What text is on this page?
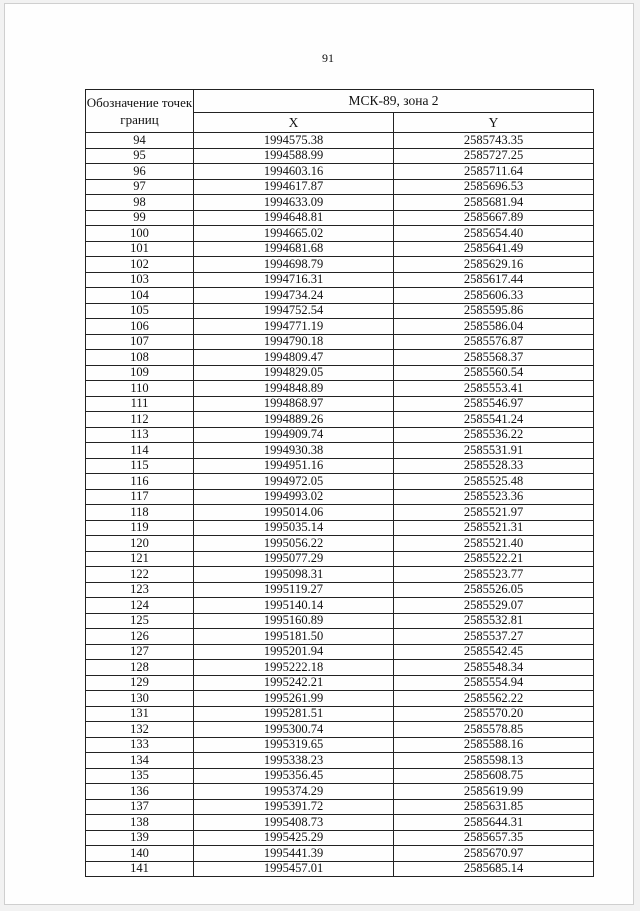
91
Обозначение точек границ	МСК-89, зона 2	
	X	Y
94	1994575.38	2585743.35
95	1994588.99	2585727.25
96	1994603.16	2585711.64
97	1994617.87	2585696.53
98	1994633.09	2585681.94
99	1994648.81	2585667.89
100	1994665.02	2585654.40
101	1994681.68	2585641.49
102	1994698.79	2585629.16
103	1994716.31	2585617.44
104	1994734.24	2585606.33
105	1994752.54	2585595.86
106	1994771.19	2585586.04
107	1994790.18	2585576.87
108	1994809.47	2585568.37
109	1994829.05	2585560.54
110	1994848.89	2585553.41
111	1994868.97	2585546.97
112	1994889.26	2585541.24
113	1994909.74	2585536.22
114	1994930.38	2585531.91
115	1994951.16	2585528.33
116	1994972.05	2585525.48
117	1994993.02	2585523.36
118	1995014.06	2585521.97
119	1995035.14	2585521.31
120	1995056.22	2585521.40
121	1995077.29	2585522.21
122	1995098.31	2585523.77
123	1995119.27	2585526.05
124	1995140.14	2585529.07
125	1995160.89	2585532.81
126	1995181.50	2585537.27
127	1995201.94	2585542.45
128	1995222.18	2585548.34
129	1995242.21	2585554.94
130	1995261.99	2585562.22
131	1995281.51	2585570.20
132	1995300.74	2585578.85
133	1995319.65	2585588.16
134	1995338.23	2585598.13
135	1995356.45	2585608.75
136	1995374.29	2585619.99
137	1995391.72	2585631.85
138	1995408.73	2585644.31
139	1995425.29	2585657.35
140	1995441.39	2585670.97
141	1995457.01	2585685.14
